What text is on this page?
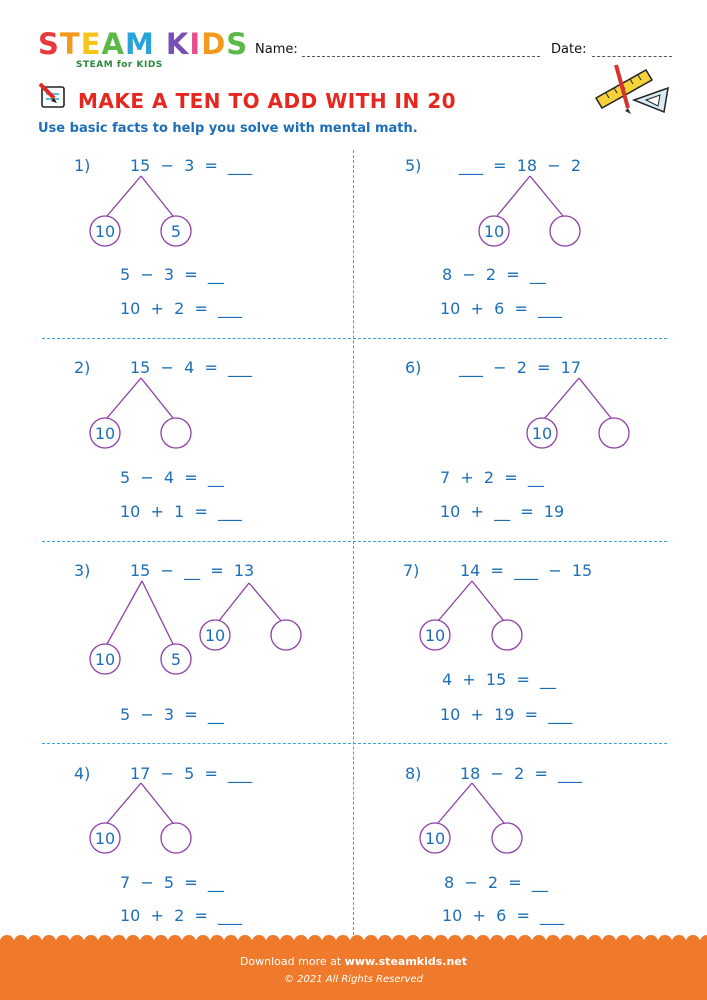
STEAM KIDS
STEAM for KIDS
Name:	Date:
MAKE A TEN TO ADD WITH IN 20
Use basic facts to help you solve with mental math.
1) 15  −  3  =  ___
10	5
5  −  3  =  __
10  +  2  =  ___
2) 15  −  4  =  ___
10
5  −  4  =  __
10  +  1  =  ___
3) 15  −  __  =  13
10	5
10
5  −  3  =  __
4) 17  −  5  =  ___
10
7  −  5  =  __
10  +  2  =  ___
5) ___  =  18  −  2
10
8  −  2  =  __
10  +  6  =  ___
6) ___  −  2  =  17
10
7  +  2  =  __
10  +  __  =  19
7)	14  =  ___  −  15
10
4  +  15  =  __
10  +  19  =  ___
8) 18  −  2  =  ___
10
8  −  2  =  __
10  +  6  =  ___
Download more at www.steamkids.net
© 2021 All Rights Reserved
